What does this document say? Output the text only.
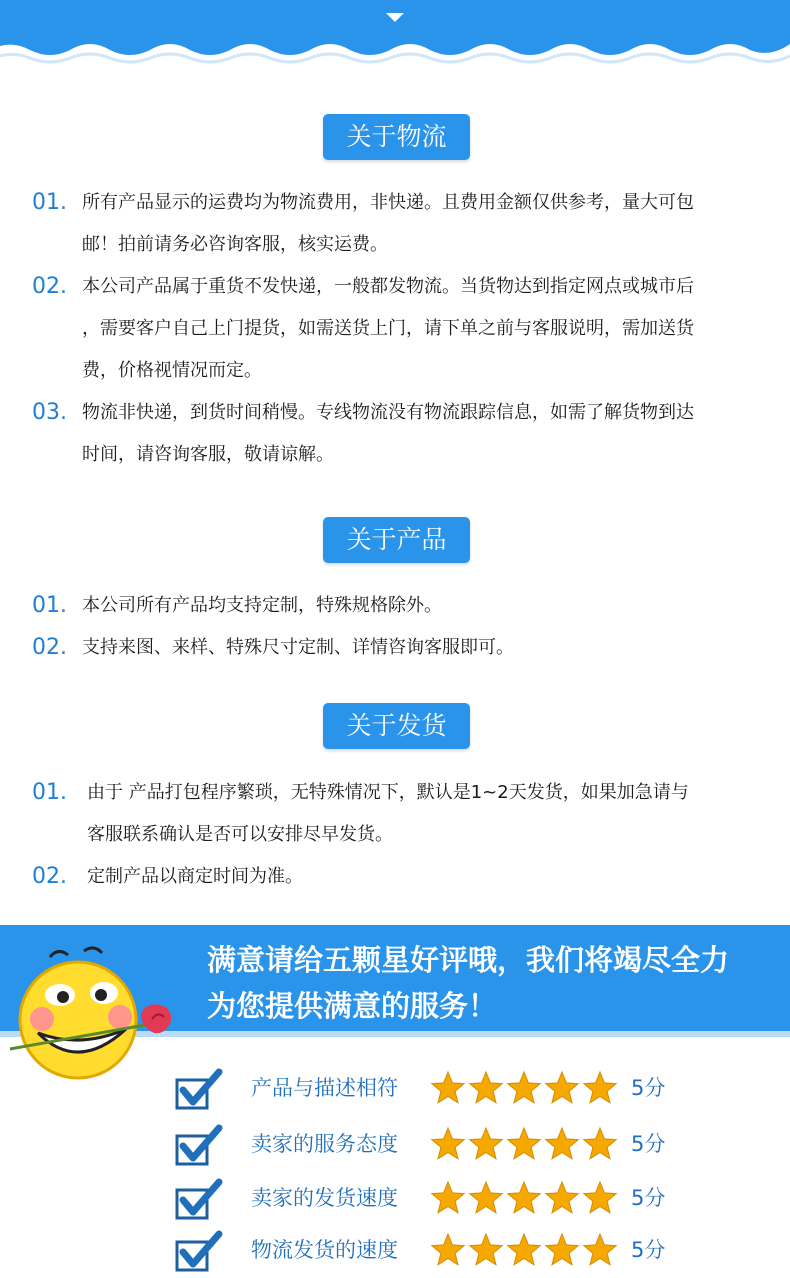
关于物流
01. 所有产品显示的运费均为物流费用，非快递。且费用金额仅供参考，量大可包
邮！拍前请务必咨询客服，核实运费。
02. 本公司产品属于重货不发快递，一般都发物流。当货物达到指定网点或城市后
，需要客户自己上门提货，如需送货上门，请下单之前与客服说明，需加送货
费，价格视情况而定。
03. 物流非快递，到货时间稍慢。专线物流没有物流跟踪信息，如需了解货物到达
时间，请咨询客服，敬请谅解。
关于产品
01. 本公司所有产品均支持定制，特殊规格除外。
02. 支持来图、来样、特殊尺寸定制、详情咨询客服即可。
关于发货
01. 由于 产品打包程序繁琐，无特殊情况下，默认是1~2天发货，如果加急请与
客服联系确认是否可以安排尽早发货。
02. 定制产品以商定时间为准。
满意请给五颗星好评哦，我们将竭尽全力
为您提供满意的服务！
产品与描述相符	5分
卖家的服务态度	5分
卖家的发货速度	5分
物流发货的速度	5分
